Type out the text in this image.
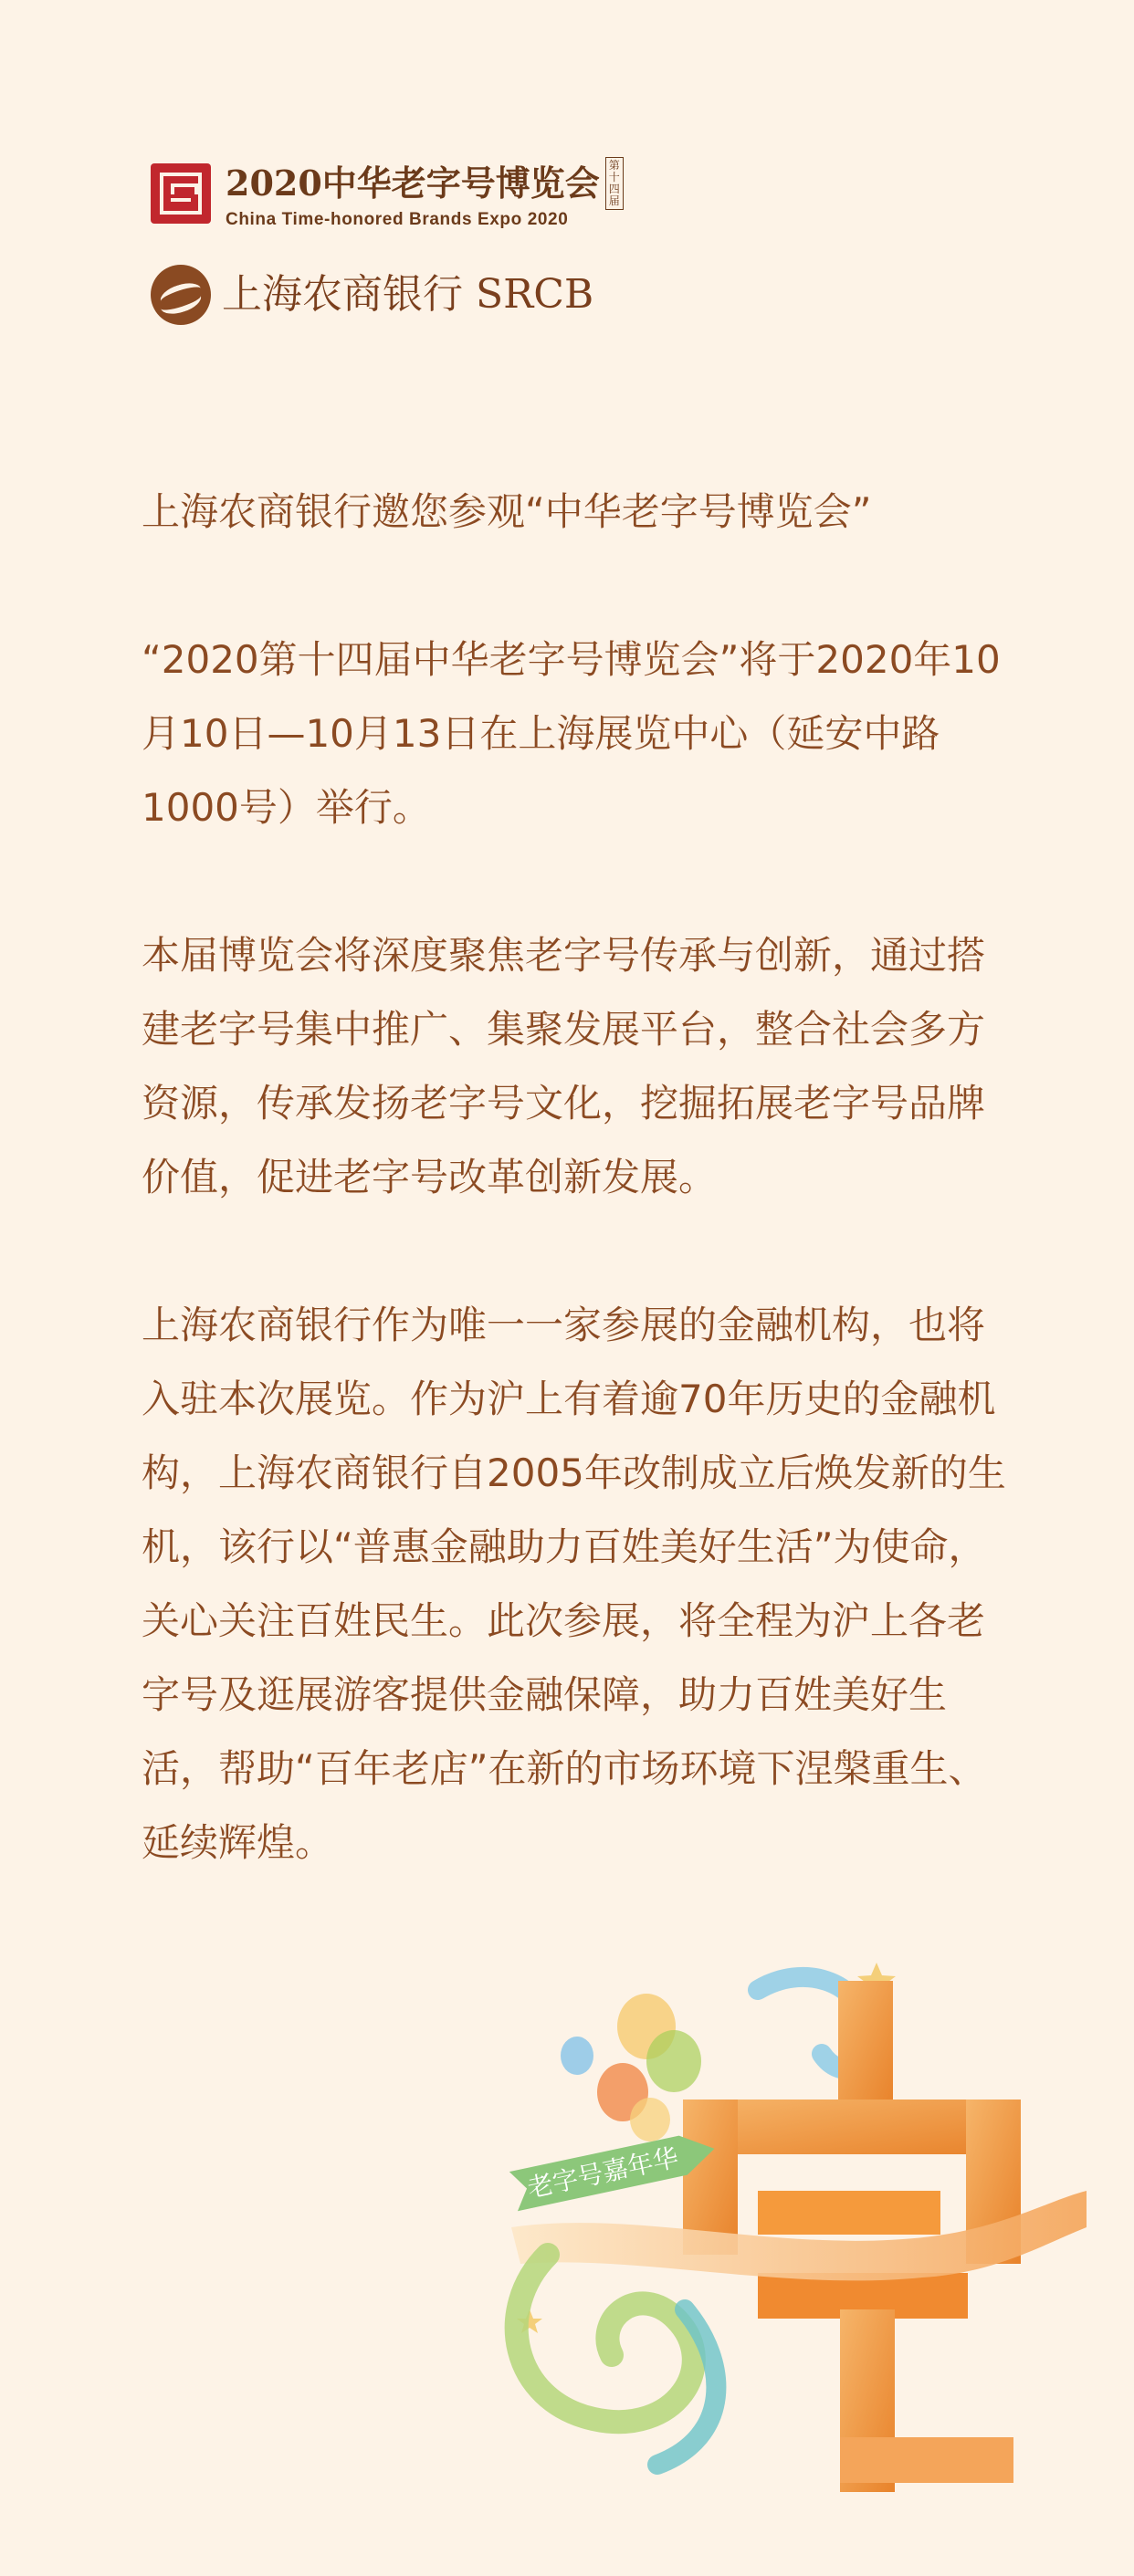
2020中华老字号博览会 第十四届
China Time-honored Brands Expo 2020
上海农商银行 SRCB

上海农商银行邀您参观“中华老字号博览会”

“2020第十四届中华老字号博览会”将于2020年10月10日—10月13日在上海展览中心（延安中路1000号）举行。

本届博览会将深度聚焦老字号传承与创新，通过搭建老字号集中推广、集聚发展平台，整合社会多方资源，传承发扬老字号文化，挖掘拓展老字号品牌价值，促进老字号改革创新发展。

上海农商银行作为唯一一家参展的金融机构，也将入驻本次展览。作为沪上有着逾70年历史的金融机构，上海农商银行自2005年改制成立后焕发新的生机，该行以“普惠金融助力百姓美好生活”为使命，关心关注百姓民生。此次参展，将全程为沪上各老字号及逛展游客提供金融保障，助力百姓美好生活，帮助“百年老店”在新的市场环境下涅槃重生、延续辉煌。

老字号嘉年华
